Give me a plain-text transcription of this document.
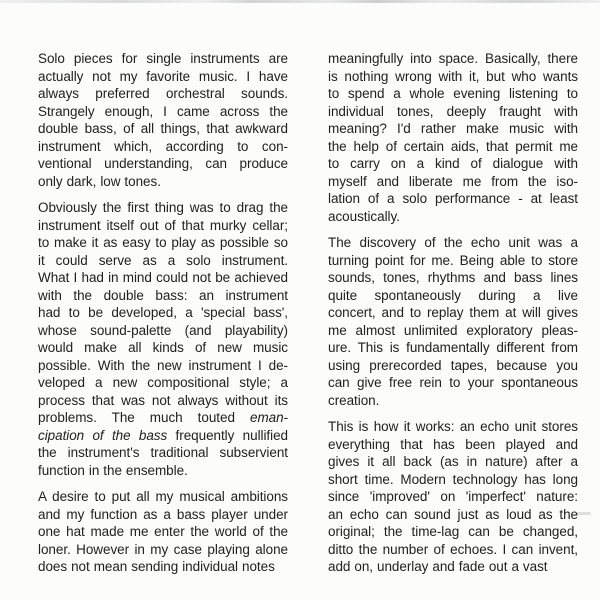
Solo pieces for single instruments are
actually not my favorite music. I have
always preferred orchestral sounds.
Strangely enough, I came across the
double bass, of all things, that awkward
instrument which, according to con-
ventional understanding, can produce
only dark, low tones.
Obviously the first thing was to drag the
instrument itself out of that murky cellar;
to make it as easy to play as possible so
it could serve as a solo instrument.
What I had in mind could not be achieved
with the double bass: an instrument
had to be developed, a 'special bass',
whose sound-palette (and playability)
would make all kinds of new music
possible. With the new instrument I de-
veloped a new compositional style; a
process that was not always without its
problems. The much touted eman-
cipation of the bass frequently nullified
the instrument's traditional subservient
function in the ensemble.
A desire to put all my musical ambitions
and my function as a bass player under
one hat made me enter the world of the
loner. However in my case playing alone
does not mean sending individual notes
meaningfully into space. Basically, there
is nothing wrong with it, but who wants
to spend a whole evening listening to
individual tones, deeply fraught with
meaning? I'd rather make music with
the help of certain aids, that permit me
to carry on a kind of dialogue with
myself and liberate me from the iso-
lation of a solo performance - at least
acoustically.
The discovery of the echo unit was a
turning point for me. Being able to store
sounds, tones, rhythms and bass lines
quite spontaneously during a live
concert, and to replay them at will gives
me almost unlimited exploratory pleas-
ure. This is fundamentally different from
using prerecorded tapes, because you
can give free rein to your spontaneous
creation.
This is how it works: an echo unit stores
everything that has been played and
gives it all back (as in nature) after a
short time. Modern technology has long
since 'improved' on 'imperfect' nature:
an echo can sound just as loud as the
original; the time-lag can be changed,
ditto the number of echoes. I can invent,
add on, underlay and fade out a vast
